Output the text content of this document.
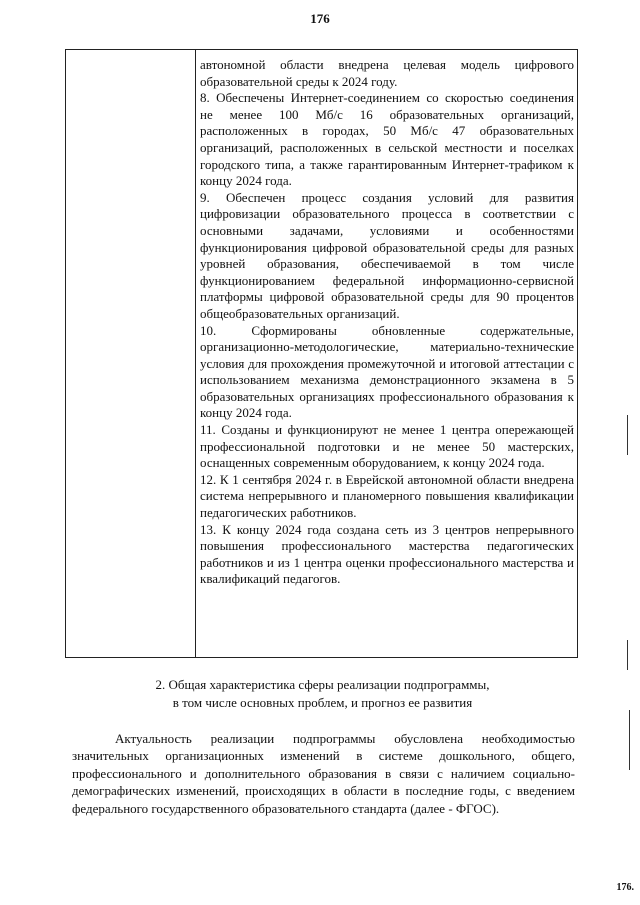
176

автономной области внедрена целевая модель цифрового образовательной среды к 2024 году.

8. Обеспечены Интернет-соединением со скоростью соединения не менее 100 Мб/с 16 образовательных организаций, расположенных в городах, 50 Мб/с 47 образовательных организаций, расположенных в сельской местности и поселках городского типа, а также гарантированным Интернет-трафиком к концу 2024 года.

9. Обеспечен процесс создания условий для развития цифровизации образовательного процесса в соответствии с основными задачами, условиями и особенностями функционирования цифровой образовательной среды для разных уровней образования, обеспечиваемой в том числе функционированием федеральной информационно-сервисной платформы цифровой образовательной среды для 90 процентов общеобразовательных организаций.

10. Сформированы обновленные содержательные, организационно-методологические, материально-технические условия для прохождения промежуточной и итоговой аттестации с использованием механизма демонстрационного экзамена в 5 образовательных организациях профессионального образования к концу 2024 года.

11. Созданы и функционируют не менее 1 центра опережающей профессиональной подготовки и не менее 50 мастерских, оснащенных современным оборудованием, к концу 2024 года.

12. К 1 сентября 2024 г. в Еврейской автономной области внедрена система непрерывного и планомерного повышения квалификации педагогических работников.

13. К концу 2024 года создана сеть из 3 центров непрерывного повышения профессионального мастерства педагогических работников и из 1 центра оценки профессионального мастерства и квалификаций педагогов.

2. Общая характеристика сферы реализации подпрограммы,
в том числе основных проблем, и прогноз ее развития

Актуальность реализации подпрограммы обусловлена необходимостью значительных организационных изменений в системе дошкольного, общего, профессионального и дополнительного образования в связи с наличием социально-демографических изменений, происходящих в области в последние годы, с введением федерального государственного образовательного стандарта (далее - ФГОС).

176.
